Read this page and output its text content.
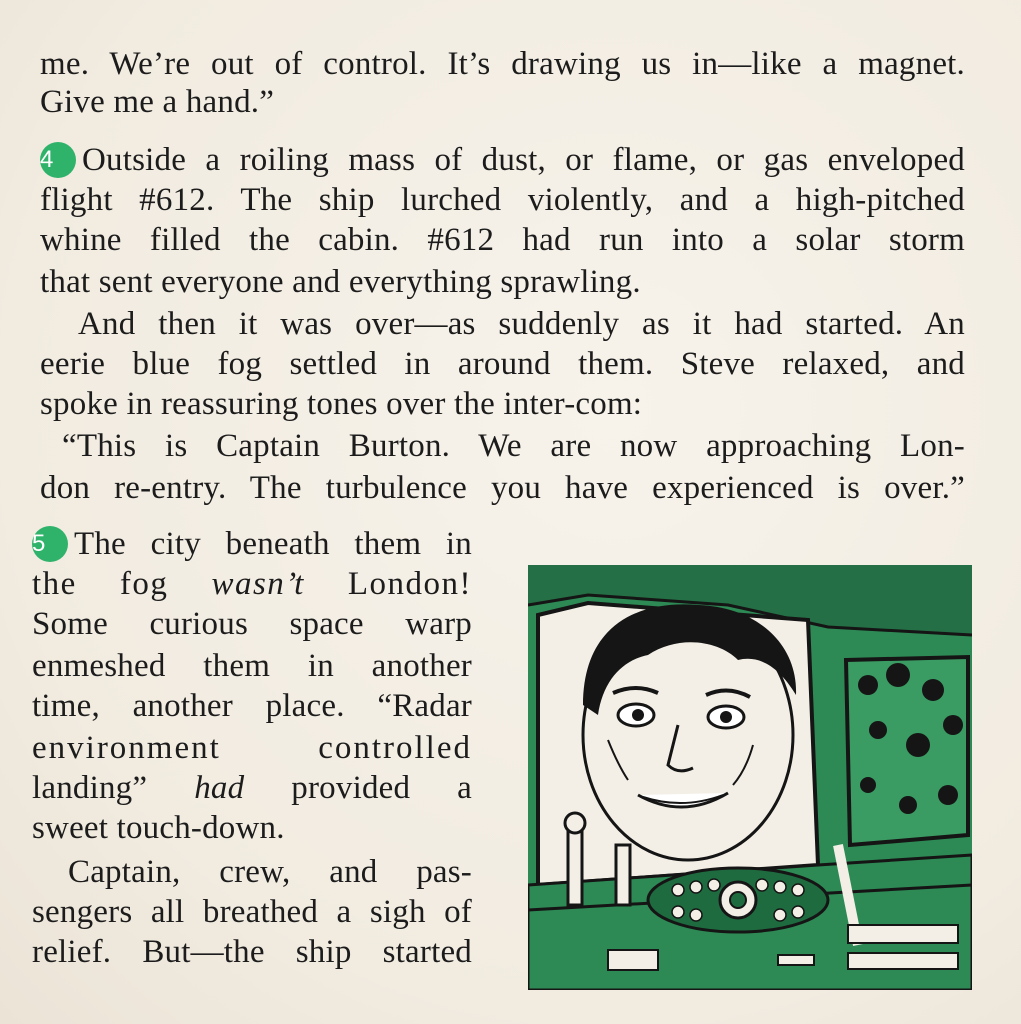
me. We’re out of control. It’s drawing us in—like a magnet.
Give me a hand.”
4 Outside a roiling mass of dust, or flame, or gas enveloped
flight #612. The ship lurched violently, and a high-pitched
whine filled the cabin. #612 had run into a solar storm
that sent everyone and everything sprawling.
And then it was over—as suddenly as it had started. An
eerie blue fog settled in around them. Steve relaxed, and
spoke in reassuring tones over the inter-com:
“This is Captain Burton. We are now approaching Lon-
don re-entry. The turbulence you have experienced is over.”
5 The city beneath them in
the fog wasn’t London!
Some curious space warp
enmeshed them in another
time, another place. “Radar
environment controlled
landing” had provided a
sweet touch-down.
Captain, crew, and pas-
sengers all breathed a sigh of
relief. But—the ship started
